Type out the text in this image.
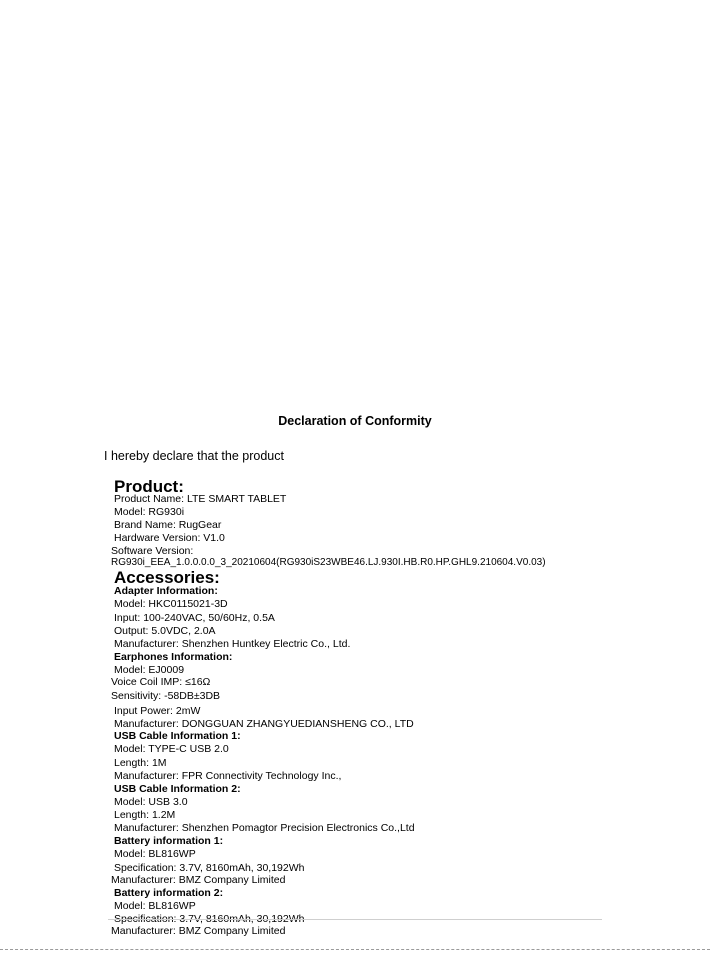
Declaration of Conformity
I hereby declare that the product
Product:
Product Name: LTE SMART TABLET
Model: RG930i
Brand Name: RugGear
Hardware Version: V1.0
Software Version:
RG930i_EEA_1.0.0.0.0_3_20210604(RG930iS23WBE46.LJ.930I.HB.R0.HP.GHL9.210604.V0.03)
Accessories:
Adapter Information:
Model: HKC0115021-3D
Input: 100-240VAC, 50/60Hz, 0.5A
Output: 5.0VDC, 2.0A
Manufacturer: Shenzhen Huntkey Electric Co., Ltd.
Earphones Information:
Model: EJ0009
Voice Coil IMP: ≤16Ω
Sensitivity: -58DB±3DB
Input Power: 2mW
Manufacturer: DONGGUAN ZHANGYUEDIANSHENG CO., LTD
USB Cable Information 1:
Model: TYPE-C USB 2.0
Length: 1M
Manufacturer: FPR Connectivity Technology Inc.,
USB Cable Information 2:
Model: USB 3.0
Length: 1.2M
Manufacturer: Shenzhen Pomagtor Precision Electronics Co.,Ltd
Battery information 1:
Model: BL816WP
Specification: 3.7V, 8160mAh, 30,192Wh
Manufacturer: BMZ Company Limited
Battery information 2:
Model: BL816WP
Specification: 3.7V, 8160mAh, 30,192Wh
Manufacturer: BMZ Company Limited
